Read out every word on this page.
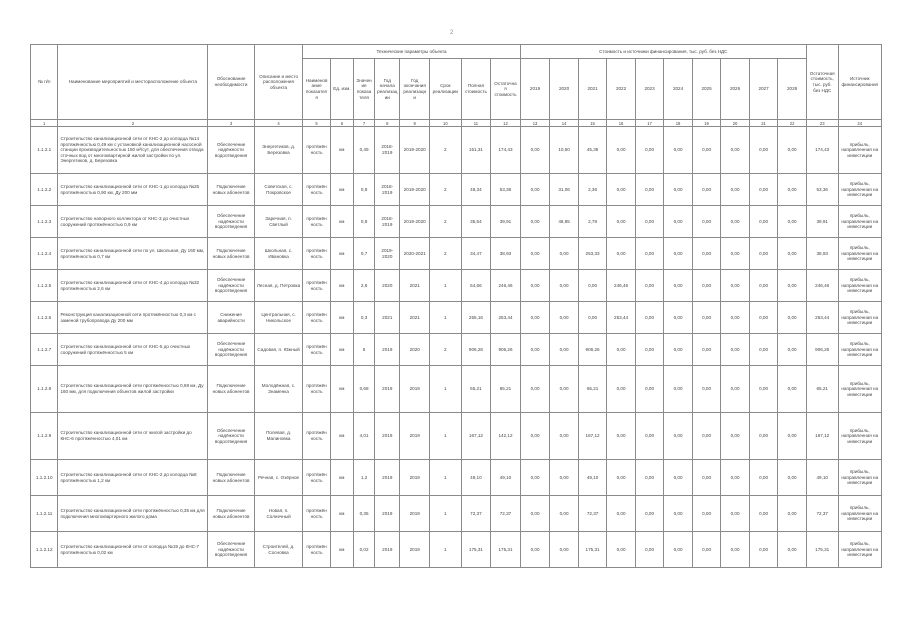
2
№ п/п	Наименование мероприятий и месторасположение объекта	Обоснование необходимости	Описание и место расположения объекта	Технические параметры объекта								Стоимость и источники финансирования, тыс. руб. без НДС										Остаточная стоимость, тыс. руб. без НДС	Источник финансирования
				Наименование показателя	Ед. изм.	Значение показателя	Год начала реализации	Год окончания реализации	Срок реализации	Полная стоимость	Остаточная стоимость	2019	2020	2021	2022	2023	2024	2025	2026	2027	2028		
1	2	3	4	5	6	7	8	9	10	11	12	13	14	15	16	17	18	19	20	21	22	23	24
1.1.2.1	Строительство канализационной сети от КНС-2 до колодца №14 протяжённостью 0,49 км с установкой канализационной насосной станции производительностью 150 м³/сут, для обеспечения отвода сточных вод от многоквартирной жилой застройки по ул. Энергетиков, д. Березовка	Обеспечение надёжности водоотведения	Энергетиков, д. Березовка	протяжённость	км	0,49	2018-2019	2019-2020	2	151,31	174,43	0,00	10,50	45,35	0,00	0,00	0,00	0,00	0,00	0,00	0,00	174,43	прибыль, направленная на инвестиции
1.1.2.2	Строительство канализационной сети от КНС-1 до колодца №26 протяжённостью 0,90 км, Ду 200 мм	Подключение новых абонентов	Советская, с. Покровское	протяжённость	км	0,9	2018-2019	2019-2020	2	48,34	53,36	0,00	31,06	2,36	0,00	0,00	0,00	0,00	0,00	0,00	0,00	53,36	прибыль, направленная на инвестиции
1.1.2.3	Строительство напорного коллектора от КНС-3 до очистных сооружений протяжённостью 0,9 км	Обеспечение надёжности водоотведения	Заречная, п. Светлый	протяжённость	км	0,9	2018-2019	2019-2020	2	35,54	39,91	0,00	48,85	2,78	0,00	0,00	0,00	0,00	0,00	0,00	0,00	39,91	прибыль, направленная на инвестиции
1.1.2.4	Строительство канализационной сети по ул. Школьная, Ду 160 мм, протяжённостью 0,7 км	Подключение новых абонентов	Школьная, с. Ивановка	протяжённость	км	0,7	2019-2020	2020-2021	2	34,47	38,93	0,00	0,00	253,33	0,00	0,00	0,00	0,00	0,00	0,00	0,00	38,93	прибыль, направленная на инвестиции
1.1.2.5	Строительство канализационной сети от КНС-4 до колодца №32 протяжённостью 2,6 км	Обеспечение надёжности водоотведения	Лесная, д. Петровка	протяжённость	км	2,6	2020	2021	1	54,66	246,46	0,00	0,00	0,00	246,46	0,00	0,00	0,00	0,00	0,00	0,00	246,46	прибыль, направленная на инвестиции
1.1.2.6	Реконструкция канализационной сети протяжённостью 0,3 км с заменой трубопровода Ду 200 мм	Снижение аварийности	Центральная, с. Никольское	протяжённость	км	0,3	2021	2021	1	255,16	253,44	0,00	0,00	0,00	253,44	0,00	0,00	0,00	0,00	0,00	0,00	253,44	прибыль, направленная на инвестиции
1.1.2.7	Строительство канализационной сети от КНС-5 до очистных сооружений протяжённостью 5 км	Обеспечение надёжности водоотведения	Садовая, п. Южный	протяжённость	км	5	2019	2020	2	906,26	906,26	0,00	0,00	906,26	0,00	0,00	0,00	0,00	0,00	0,00	0,00	906,26	прибыль, направленная на инвестиции
1.1.2.8	Строительство канализационной сети протяжённостью 0,68 км, Ду 160 мм, для подключения объектов жилой застройки	Подключение новых абонентов	Молодёжная, с. Знаменка	протяжённость	км	0,68	2019	2019	1	65,21	65,21	0,00	0,00	65,21	0,00	0,00	0,00	0,00	0,00	0,00	0,00	65,21	прибыль, направленная на инвестиции
1.1.2.9	Строительство канализационной сети от жилой застройки до КНС-6 протяжённостью 4,01 км	Обеспечение надёжности водоотведения	Полевая, д. Малиновка	протяжённость	км	4,01	2019	2019	1	167,12	142,12	0,00	0,00	167,12	0,00	0,00	0,00	0,00	0,00	0,00	0,00	167,12	прибыль, направленная на инвестиции
1.1.2.10	Строительство канализационной сети от КНС-2 до колодца №8 протяжённостью 1,2 км	Подключение новых абонентов	Речная, с. Озёрное	протяжённость	км	1,2	2019	2019	1	49,10	49,10	0,00	0,00	49,10	0,00	0,00	0,00	0,00	0,00	0,00	0,00	49,10	прибыль, направленная на инвестиции
1.1.2.11	Строительство канализационной сети протяжённостью 0,35 км для подключения многоквартирного жилого дома	Подключение новых абонентов	Новая, п. Солнечный	протяжённость	км	0,35	2019	2019	1	72,37	72,37	0,00	0,00	72,37	0,00	0,00	0,00	0,00	0,00	0,00	0,00	72,37	прибыль, направленная на инвестиции
1.1.2.12	Строительство канализационной сети от колодца №19 до КНС-7 протяжённостью 0,02 км	Обеспечение надёжности водоотведения	Строителей, д. Сосновка	протяжённость	км	0,02	2019	2019	1	175,31	175,31	0,00	0,00	175,31	0,00	0,00	0,00	0,00	0,00	0,00	0,00	175,31	прибыль, направленная на инвестиции
